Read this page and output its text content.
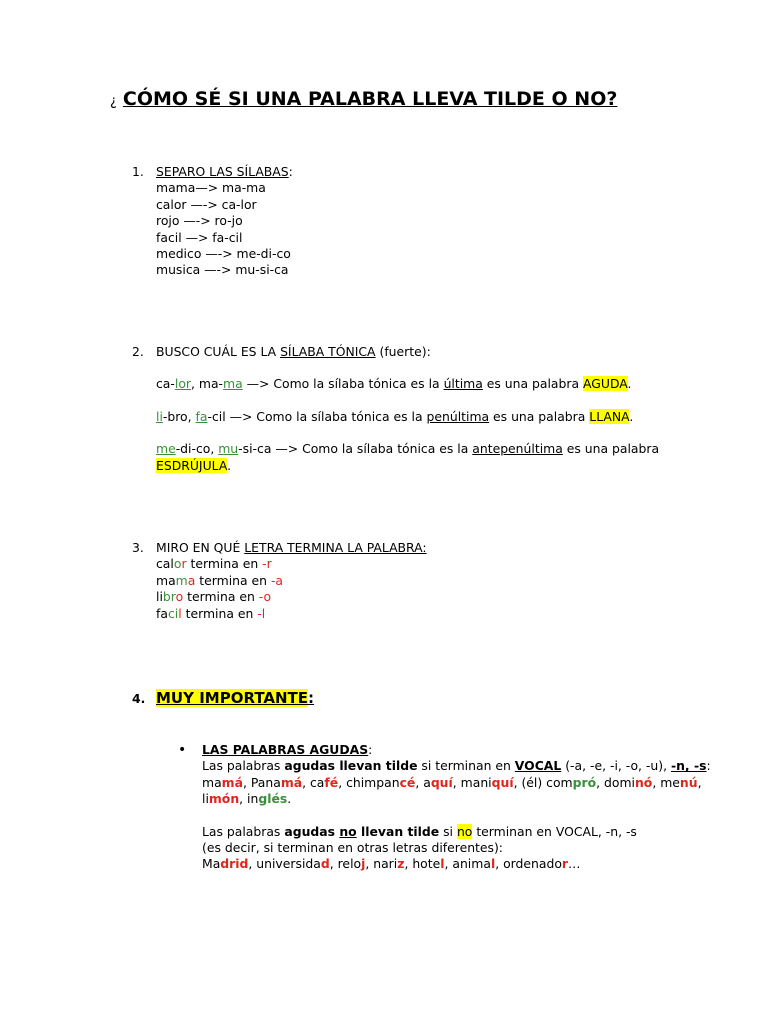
¿ CÓMO SÉ SI UNA PALABRA LLEVA TILDE O NO?
1. SEPARO LAS SÍLABAS:
mama—> ma-ma
calor —-> ca-lor
rojo —-> ro-jo
facil —> fa-cil
medico —-> me-di-co
musica —-> mu-si-ca
2. BUSCO CUÁL ES LA SÍLABA TÓNICA (fuerte):
ca-lor, ma-ma —> Como la sílaba tónica es la última es una palabra AGUDA.
li-bro, fa-cil —> Como la sílaba tónica es la penúltima es una palabra LLANA.
me-di-co, mu-si-ca —> Como la sílaba tónica es la antepenúltima es una palabra
ESDRÚJULA.
3. MIRO EN QUÉ LETRA TERMINA LA PALABRA:
calor termina en -r
mama termina en -a
libro termina en -o
facil termina en -l
4. MUY IMPORTANTE:
• LAS PALABRAS AGUDAS:
Las palabras agudas llevan tilde si terminan en VOCAL (-a, -e, -i, -o, -u), -n, -s:
mamá, Panamá, café, chimpancé, aquí, maniquí, (él) compró, dominó, menú,
limón, inglés.
Las palabras agudas no llevan tilde si no terminan en VOCAL, -n, -s
(es decir, si terminan en otras letras diferentes):
Madrid, universidad, reloj, nariz, hotel, animal, ordenador…
